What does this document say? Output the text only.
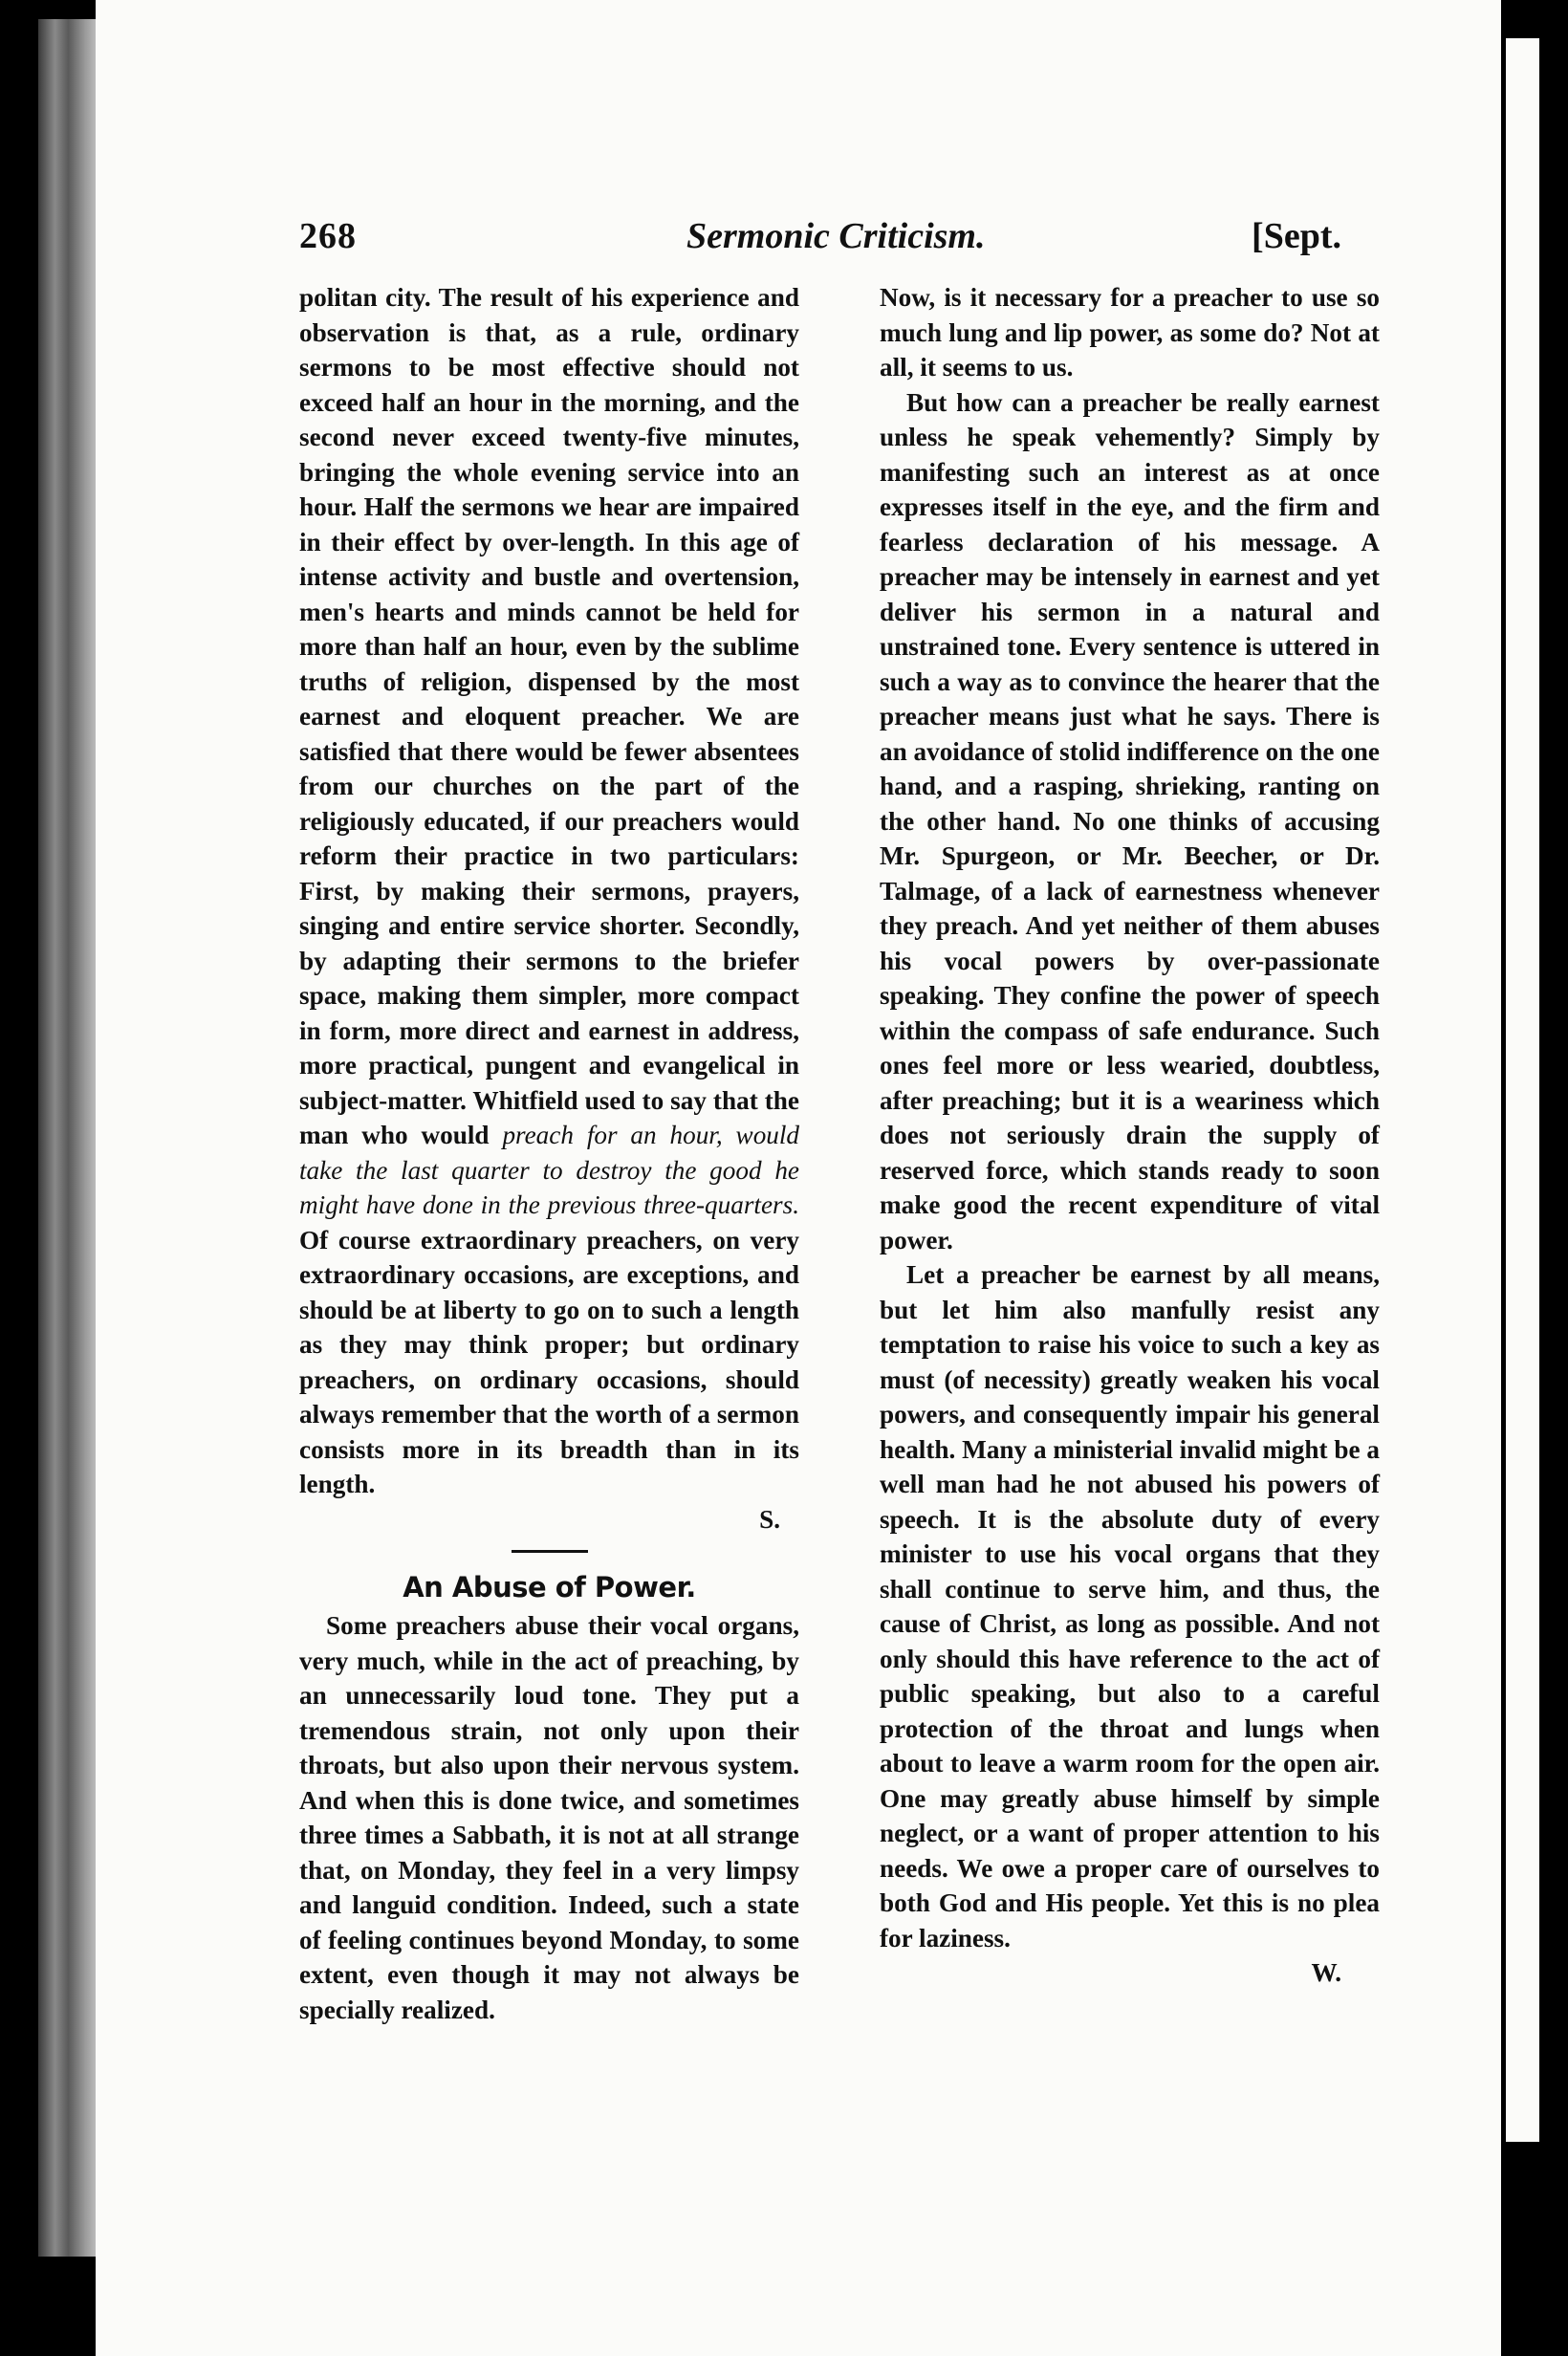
268	Sermonic Criticism.	[Sept.

politan city. The result of his experience and observation is that, as a rule, ordinary sermons to be most effective should not exceed half an hour in the morning, and the second never exceed twenty-five minutes, bringing the whole evening service into an hour. Half the sermons we hear are impaired in their effect by over-length. In this age of intense activity and bustle and overtension, men's hearts and minds cannot be held for more than half an hour, even by the sublime truths of religion, dispensed by the most earnest and eloquent preacher. We are satisfied that there would be fewer absentees from our churches on the part of the religiously educated, if our preachers would reform their practice in two particulars: First, by making their sermons, prayers, singing and entire service shorter. Secondly, by adapting their sermons to the briefer space, making them simpler, more compact in form, more direct and earnest in address, more practical, pungent and evangelical in subject-matter. Whitfield used to say that the man who would preach for an hour, would take the last quarter to destroy the good he might have done in the previous three-quarters. Of course extraordinary preachers, on very extraordinary occasions, are exceptions, and should be at liberty to go on to such a length as they may think proper; but ordinary preachers, on ordinary occasions, should always remember that the worth of a sermon consists more in its breadth than in its length.

S.
An Abuse of Power.

Some preachers abuse their vocal organs, very much, while in the act of preaching, by an unnecessarily loud tone. They put a tremendous strain, not only upon their throats, but also upon their nervous system. And when this is done twice, and sometimes three times a Sabbath, it is not at all strange that, on Monday, they feel in a very limpsy and languid condition. Indeed, such a state of feeling continues beyond Monday, to some extent, even though it may not always be specially realized.

Now, is it necessary for a preacher to use so much lung and lip power, as some do? Not at all, it seems to us.

But how can a preacher be really earnest unless he speak vehemently? Simply by manifesting such an interest as at once expresses itself in the eye, and the firm and fearless declaration of his message. A preacher may be intensely in earnest and yet deliver his sermon in a natural and unstrained tone. Every sentence is uttered in such a way as to convince the hearer that the preacher means just what he says. There is an avoidance of stolid indifference on the one hand, and a rasping, shrieking, ranting on the other hand. No one thinks of accusing Mr. Spurgeon, or Mr. Beecher, or Dr. Talmage, of a lack of earnestness whenever they preach. And yet neither of them abuses his vocal powers by over-passionate speaking. They confine the power of speech within the compass of safe endurance. Such ones feel more or less wearied, doubtless, after preaching; but it is a weariness which does not seriously drain the supply of reserved force, which stands ready to soon make good the recent expenditure of vital power.

Let a preacher be earnest by all means, but let him also manfully resist any temptation to raise his voice to such a key as must (of necessity) greatly weaken his vocal powers, and consequently impair his general health. Many a ministerial invalid might be a well man had he not abused his powers of speech. It is the absolute duty of every minister to use his vocal organs that they shall continue to serve him, and thus, the cause of Christ, as long as possible. And not only should this have reference to the act of public speaking, but also to a careful protection of the throat and lungs when about to leave a warm room for the open air. One may greatly abuse himself by simple neglect, or a want of proper attention to his needs. We owe a proper care of ourselves to both God and His people. Yet this is no plea for laziness.

W.
